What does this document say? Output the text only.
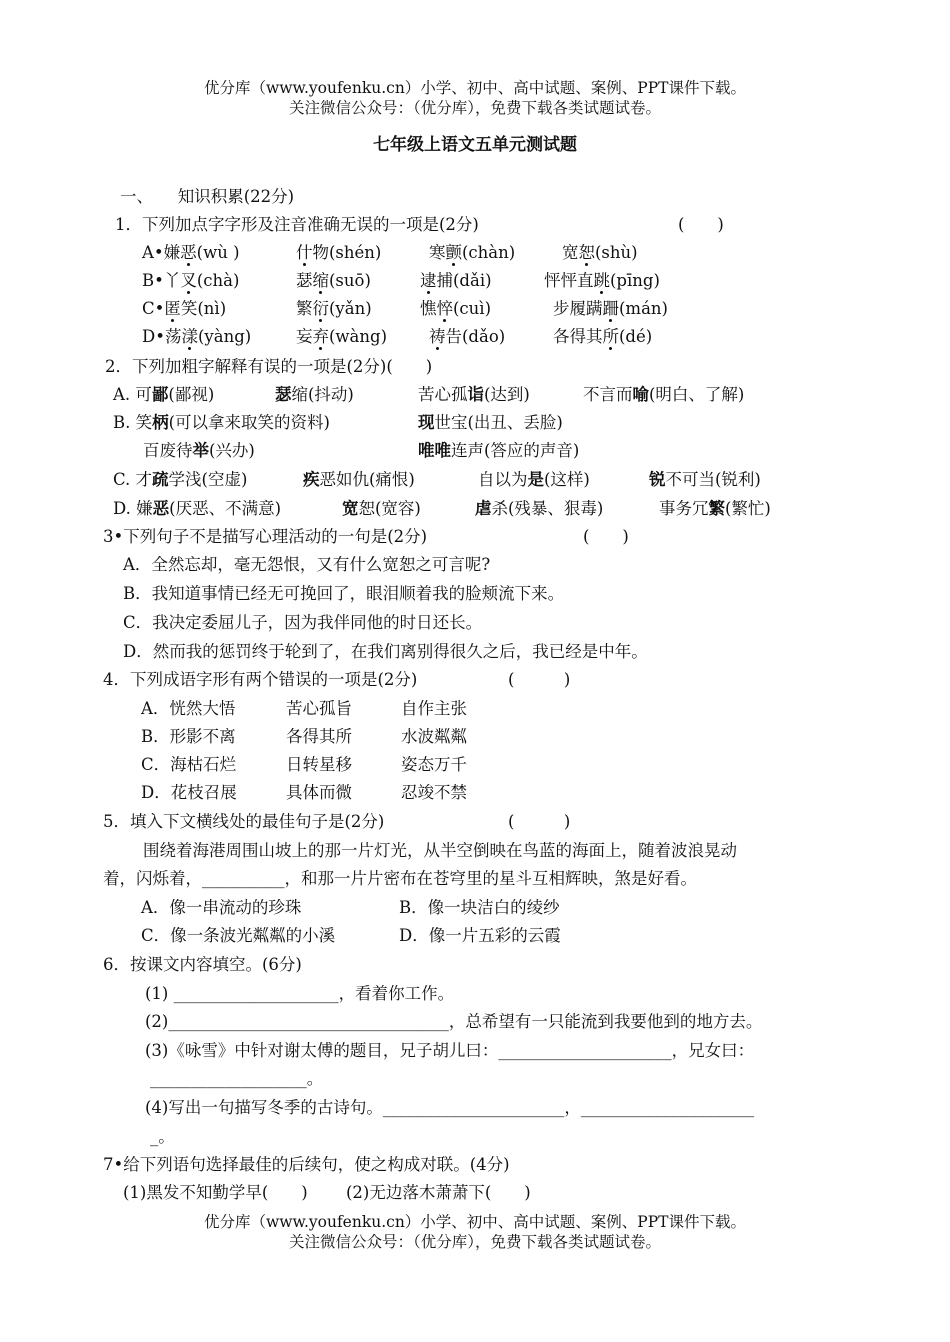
优分库（www.youfenku.cn）小学、初中、高中试题、案例、PPT课件下载。
关注微信公众号：（优分库），免费下载各类试题试卷。
七年级上语文五单元测试题
一、　　知识积累(22分)
1．下列加点字字形及注音准确无误的一项是(2分)	(　　)
A•嫌恶(wù )	什物(shén)	寒颤(chàn)	宽恕(shù)
B•丫叉(chà)	瑟缩(suō)	逮捕(dǎi)	怦怦直跳(pīng)
C•匿笑(nì)	繁衍(yǎn)	憔悴(cuì)	步履蹒跚(mán)
D•荡漾(yàng)	妄弃(wàng)	祷告(dǎo)	各得其所(dé)
2．下列加粗字解释有误的一项是(2分)(　　)
A. 可鄙(鄙视)	瑟缩(抖动)	苦心孤诣(达到)	不言而喻(明白、了解)
B. 笑柄(可以拿来取笑的资料)	现世宝(出丑、丢脸)
百废待举(兴办)	唯唯连声(答应的声音)
C. 才疏学浅(空虚)	疾恶如仇(痛恨)	自以为是(这样)	锐不可当(锐利)
D. 嫌恶(厌恶、不满意)	宽恕(宽容)	虐杀(残暴、狠毒)	事务冗繁(繁忙)
3•下列句子不是描写心理活动的一句是(2分)	(　　)
A．全然忘却，毫无怨恨，又有什么宽恕之可言呢?
B．我知道事情已经无可挽回了，眼泪顺着我的脸颊流下来。
C．我决定委屈儿子，因为我伴同他的时日还长。
D．然而我的惩罚终于轮到了，在我们离别得很久之后，我已经是中年。
4．下列成语字形有两个错误的一项是(2分)	(　　　)
A．恍然大悟	苦心孤旨	自作主张
B．形影不离	各得其所	水波粼粼
C．海枯石烂	日转星移	姿态万千
D．花枝召展	具体而微	忍竣不禁
5．填入下文横线处的最佳句子是(2分)	(　　　)
围绕着海港周围山坡上的那一片灯光，从半空倒映在鸟蓝的海面上，随着波浪晃动
着，闪烁着，__________，和那一片片密布在苍穹里的星斗互相辉映，煞是好看。
A．像一串流动的珍珠	B．像一块洁白的绫纱
C．像一条波光粼粼的小溪	D．像一片五彩的云霞
6．按课文内容填空。(6分)
(1) ____________________，看着你工作。
(2)__________________________________，总希望有一只能流到我要他到的地方去。
(3)《咏雪》中针对谢太傅的题目，兄子胡儿曰：_____________________，兄女曰：
___________________。
(4)写出一句描写冬季的古诗句。______________________，_____________________
_。
7•给下列语句选择最佳的后续句，使之构成对联。(4分)
(1)黑发不知勤学早(　　)　　 (2)无边落木萧萧下(　　)
优分库（www.youfenku.cn）小学、初中、高中试题、案例、PPT课件下载。
关注微信公众号：（优分库），免费下载各类试题试卷。
